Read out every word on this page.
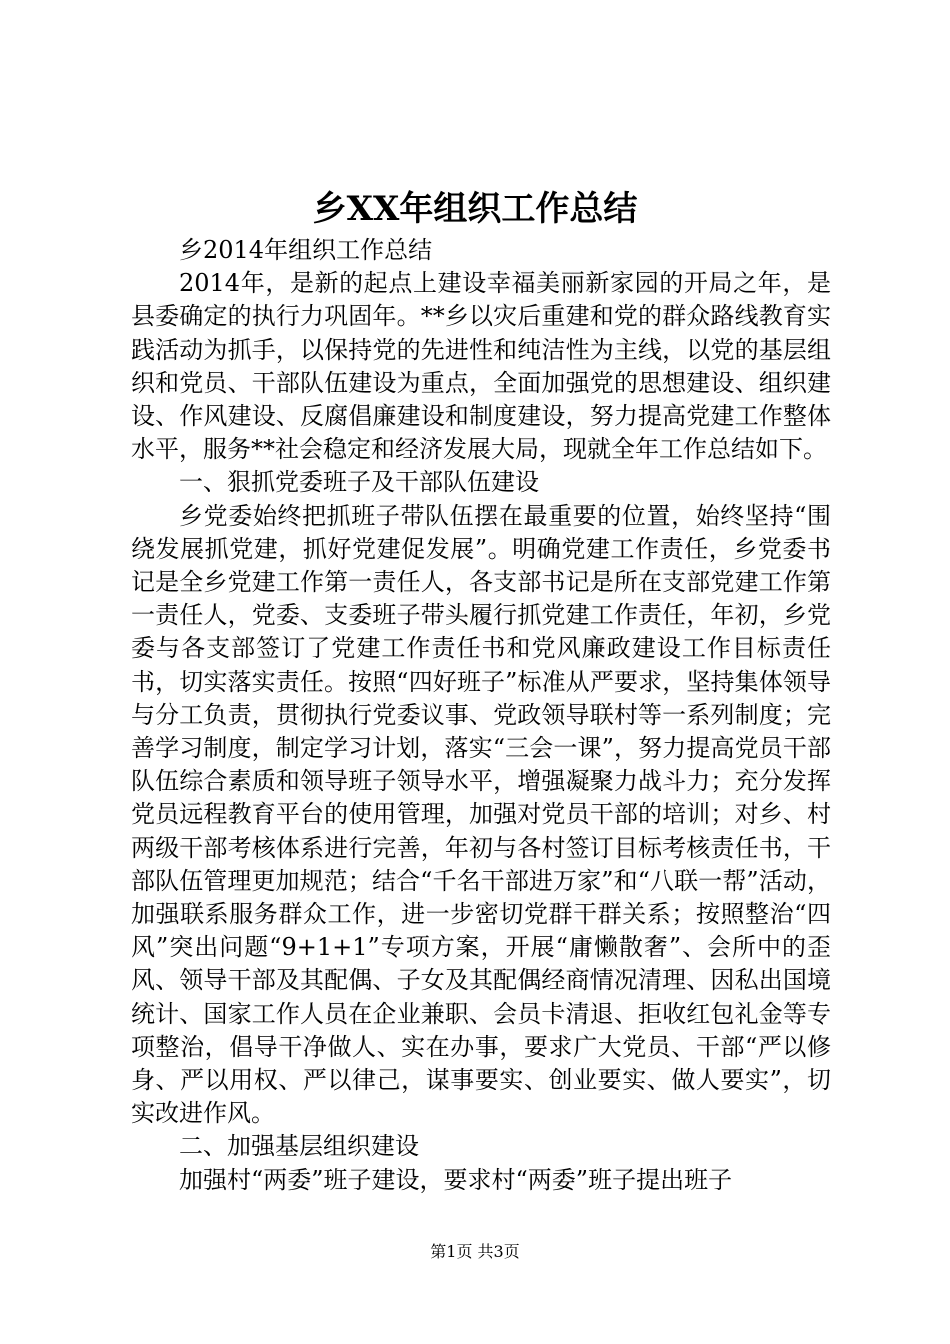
乡XX年组织工作总结

乡2014年组织工作总结

2014年，是新的起点上建设幸福美丽新家园的开局之年，是县委确定的执行力巩固年。**乡以灾后重建和党的群众路线教育实践活动为抓手，以保持党的先进性和纯洁性为主线，以党的基层组织和党员、干部队伍建设为重点，全面加强党的思想建设、组织建设、作风建设、反腐倡廉建设和制度建设，努力提高党建工作整体水平，服务**社会稳定和经济发展大局，现就全年工作总结如下。

一、狠抓党委班子及干部队伍建设

乡党委始终把抓班子带队伍摆在最重要的位置，始终坚持“围绕发展抓党建，抓好党建促发展”。明确党建工作责任，乡党委书记是全乡党建工作第一责任人，各支部书记是所在支部党建工作第一责任人，党委、支委班子带头履行抓党建工作责任，年初，乡党委与各支部签订了党建工作责任书和党风廉政建设工作目标责任书，切实落实责任。按照“四好班子”标准从严要求，坚持集体领导与分工负责，贯彻执行党委议事、党政领导联村等一系列制度；完善学习制度，制定学习计划，落实“三会一课”，努力提高党员干部队伍综合素质和领导班子领导水平，增强凝聚力战斗力；充分发挥党员远程教育平台的使用管理，加强对党员干部的培训；对乡、村两级干部考核体系进行完善，年初与各村签订目标考核责任书，干部队伍管理更加规范；结合“千名干部进万家”和“八联一帮”活动，加强联系服务群众工作，进一步密切党群干群关系；按照整治“四风”突出问题“9+1+1”专项方案，开展“庸懒散奢”、会所中的歪风、领导干部及其配偶、子女及其配偶经商情况清理、因私出国境统计、国家工作人员在企业兼职、会员卡清退、拒收红包礼金等专项整治，倡导干净做人、实在办事，要求广大党员、干部“严以修身、严以用权、严以律己，谋事要实、创业要实、做人要实”，切实改进作风。

二、加强基层组织建设

加强村“两委”班子建设，要求村“两委”班子提出班子

第1页 共3页
